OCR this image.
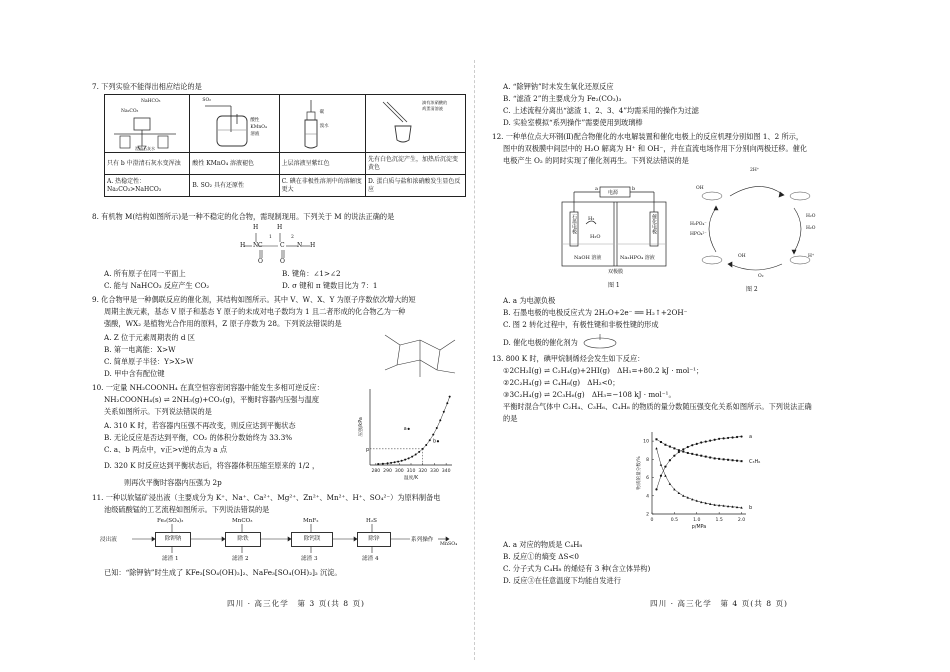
7. 下列实验不能得出相应结论的是
NaHCO₃
Na₂CO₃
澄清石灰水	SO₂
酸性
KMnO₄
溶液	碳
溴水	滴有浓硝酸的
鸡蛋清溶液

只有 b 中澄清石灰水变浑浊	酸性 KMnO₄ 溶液褪色	上层溶液呈紫红色	先有白色沉淀产生，加热后沉淀变黄色
A. 热稳定性：Na₂CO₃>NaHCO₃	B. SO₂ 具有还原性	C. 碘在非极性溶剂中的溶解度更大	D. 蛋白质与盐和浓硝酸发生显色反应
8. 有机物 M(结构如图所示)是一种不稳定的化合物，需现制现用。下列关于 M 的说法正确的是
H	H
N	N H
C	C
O	O
H
1	2
A. 所有原子在同一平面上	B. 键角：∠1>∠2
C. 能与 NaHCO₃ 反应产生 CO₂	D. σ 键和 π 键数目比为 7：1
9. 化合物甲是一种偶联反应的催化剂，其结构如图所示。其中 V、W、X、Y 为原子序数依次增大的短
周期主族元素，基态 V 原子和基态 Y 原子的未成对电子数均为 1 且二者形成的化合物乙为一种
强酸，WX₂ 是植物光合作用的原料，Z 原子序数为 28。下列说法错误的是
A. Z 位于元素周期表的 d 区
B. 第一电离能：X>W
C. 简单原子半径：Y>X>W
D. 甲中含有配位键
10. 一定量 NH₂COONH₄ 在真空恒容密闭容器中能发生多相可逆反应：
NH₂COONH₄(s) ⇌ 2NH₃(g)+CO₂(g)，平衡时容器内压强与温度
关系如图所示。下列说法错误的是
A. 310 K 时，若容器内压强不再改变，则反应达到平衡状态
B. 无论反应是否达到平衡，CO₂ 的体积分数始终为 33.3%
C. a、b 两点中，v正>v逆的点为 a 点
D. 320 K 时反应达到平衡状态后，将容器体积压缩至原来的 1/2 ，
则再次平衡时容器内压强为 2p
280 290 300 310 320 330 340
温度/K
压强/kPa
p
a
b
11. 一种以软锰矿浸出液（主要成分为 K⁺、Na⁺、Ca²⁺、Mg²⁺、Zn²⁺、Mn²⁺、H⁺、SO₄²⁻）为原料制备电
池级硫酸锰的工艺流程如图所示。下列说法错误的是
浸出液
Fe₂(SO₄)₃	MnCO₃	MnF₂	H₂S
除钾钠	除铁	除钙镁	除锌
滤渣 1	滤渣 2	滤渣 3	滤渣 4
系列操作
MnSO₄
已知：“除钾钠”时生成了 KFe₃[SO₄(OH)₂]₂、NaFe₃[SO₄(OH)₂]₂ 沉淀。
四川 · 高三化学　第 3 页(共 8 页)
A. “除钾钠”时未发生氧化还原反应
B. “滤渣 2”的主要成分为 Fe₂(CO₃)₃
C. 上述流程分离出“滤渣 1、2、3、4”均需采用的操作为过滤
D. 实验室模拟“系列操作”需要使用到玻璃棒
12. 一种单位点大环钢(Ⅱ)配合物催化的水电解装置和催化电极上的反应机理分别如图 1、2 所示，
图中的双极膜中间层中的 H₂O 解离为 H⁺ 和 OH⁻，并在直流电场作用下分别向两极迁移。催化
电极产生 O₂ 的同时实现了催化剂再生。下列说法错误的是
电源
a	b
石墨电极	催化电极
H₂
H₂O
NaOH 溶液	Na₂HPO₄ 溶液
双极膜
图 1
2H⁺
OH
H₂O
H₂O
H₂PO₄⁻
HPO₄²⁻
OH	H⁺
O₂
图 2
A. a 为电源负极
B. 石墨电极的电极反应式为 2H₂O+2e⁻ ══ H₂↑+2OH⁻
C. 图 2 转化过程中，有极性键和非极性键的形成
D. 催化电极的催化剂为
13. 800 K 时，碘甲烷制烯烃会发生如下反应：
①2CH₃I(g) ⇌ C₂H₄(g)+2HI(g)　ΔH₁=+80.2 kJ · mol⁻¹；
②2C₂H₄(g) ⇌ C₄H₈(g)　ΔH₂<0；
③3C₂H₄(g) ⇌ 2C₃H₆(g)　ΔH₃=−108 kJ · mol⁻¹。
平衡时混合气体中 C₂H₄、C₃H₆、C₄H₈ 的物质的量分数随压强变化关系如图所示。下列说法正确
的是
2
4
6
8
10
0	0.5	1.0	1.5	2.0
p/MPa
物质的量分数/%
a
C₃H₆
b
A. a 对应的物质是 C₄H₈
B. 反应①的熵变 ΔS<0
C. 分子式为 C₄H₈ 的烯烃有 3 种(含立体异构)
D. 反应③在任意温度下均能自发进行
四川 · 高三化学　第 4 页(共 8 页)
